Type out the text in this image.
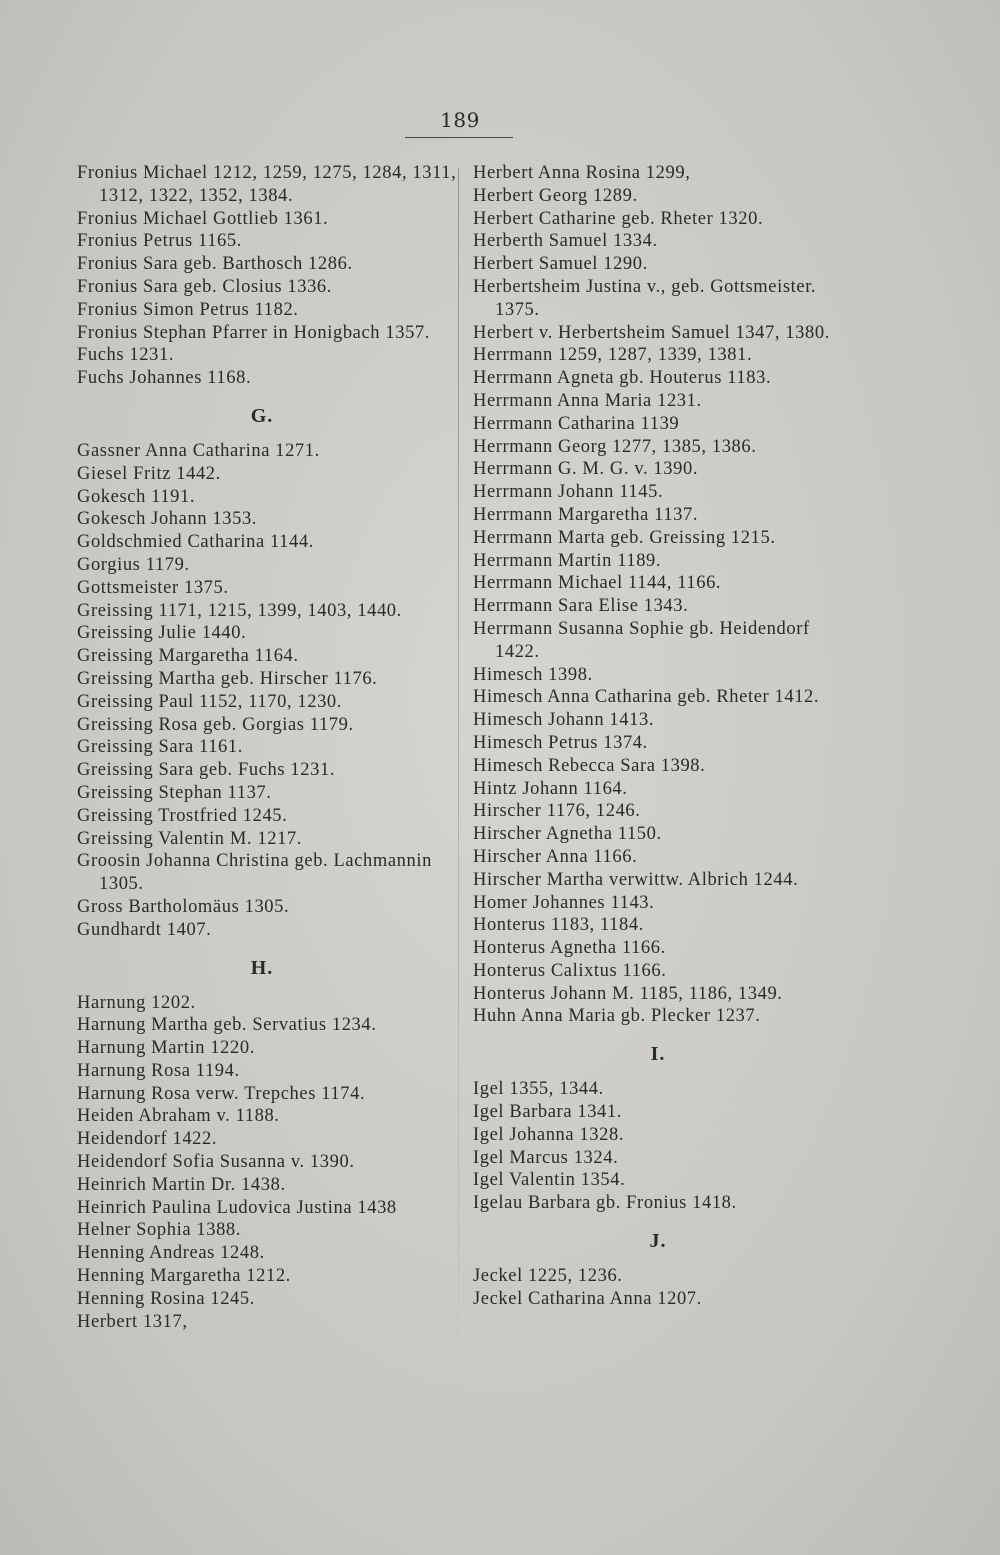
189
Fronius Michael 1212, 1259, 1275, 1284, 1311, 1312, 1322, 1352, 1384.
Fronius Michael Gottlieb 1361.
Fronius Petrus 1165.
Fronius Sara geb. Barthosch 1286.
Fronius Sara geb. Closius 1336.
Fronius Simon Petrus 1182.
Fronius Stephan Pfarrer in Honigbach 1357.
Fuchs 1231.
Fuchs Johannes 1168.
G.
Gassner Anna Catharina 1271.
Giesel Fritz 1442.
Gokesch 1191.
Gokesch Johann 1353.
Goldschmied Catharina 1144.
Gorgius 1179.
Gottsmeister 1375.
Greissing 1171, 1215, 1399, 1403, 1440.
Greissing Julie 1440.
Greissing Margaretha 1164.
Greissing Martha geb. Hirscher 1176.
Greissing Paul 1152, 1170, 1230.
Greissing Rosa geb. Gorgias 1179.
Greissing Sara 1161.
Greissing Sara geb. Fuchs 1231.
Greissing Stephan 1137.
Greissing Trostfried 1245.
Greissing Valentin M. 1217.
Groosin Johanna Christina geb. Lachmannin 1305.
Gross Bartholomäus 1305.
Gundhardt 1407.
H.
Harnung 1202.
Harnung Martha geb. Servatius 1234.
Harnung Martin 1220.
Harnung Rosa 1194.
Harnung Rosa verw. Trepches 1174.
Heiden Abraham v. 1188.
Heidendorf 1422.
Heidendorf Sofia Susanna v. 1390.
Heinrich Martin Dr. 1438.
Heinrich Paulina Ludovica Justina 1438
Helner Sophia 1388.
Henning Andreas 1248.
Henning Margaretha 1212.
Henning Rosina 1245.
Herbert 1317,
Herbert Anna Rosina 1299,
Herbert Georg 1289.
Herbert Catharine geb. Rheter 1320.
Herberth Samuel 1334.
Herbert Samuel 1290.
Herbertsheim Justina v., geb. Gottsmeister. 1375.
Herbert v. Herbertsheim Samuel 1347, 1380.
Herrmann 1259, 1287, 1339, 1381.
Herrmann Agneta gb. Houterus 1183.
Herrmann Anna Maria 1231.
Herrmann Catharina 1139
Herrmann Georg 1277, 1385, 1386.
Herrmann G. M. G. v. 1390.
Herrmann Johann 1145.
Herrmann Margaretha 1137.
Herrmann Marta geb. Greissing 1215.
Herrmann Martin 1189.
Herrmann Michael 1144, 1166.
Herrmann Sara Elise 1343.
Herrmann Susanna Sophie gb. Heidendorf 1422.
Himesch 1398.
Himesch Anna Catharina geb. Rheter 1412.
Himesch Johann 1413.
Himesch Petrus 1374.
Himesch Rebecca Sara 1398.
Hintz Johann 1164.
Hirscher 1176, 1246.
Hirscher Agnetha 1150.
Hirscher Anna 1166.
Hirscher Martha verwittw. Albrich 1244.
Homer Johannes 1143.
Honterus 1183, 1184.
Honterus Agnetha 1166.
Honterus Calixtus 1166.
Honterus Johann M. 1185, 1186, 1349.
Huhn Anna Maria gb. Plecker 1237.
I.
Igel 1355, 1344.
Igel Barbara 1341.
Igel Johanna 1328.
Igel Marcus 1324.
Igel Valentin 1354.
Igelau Barbara gb. Fronius 1418.
J.
Jeckel 1225, 1236.
Jeckel Catharina Anna 1207.
